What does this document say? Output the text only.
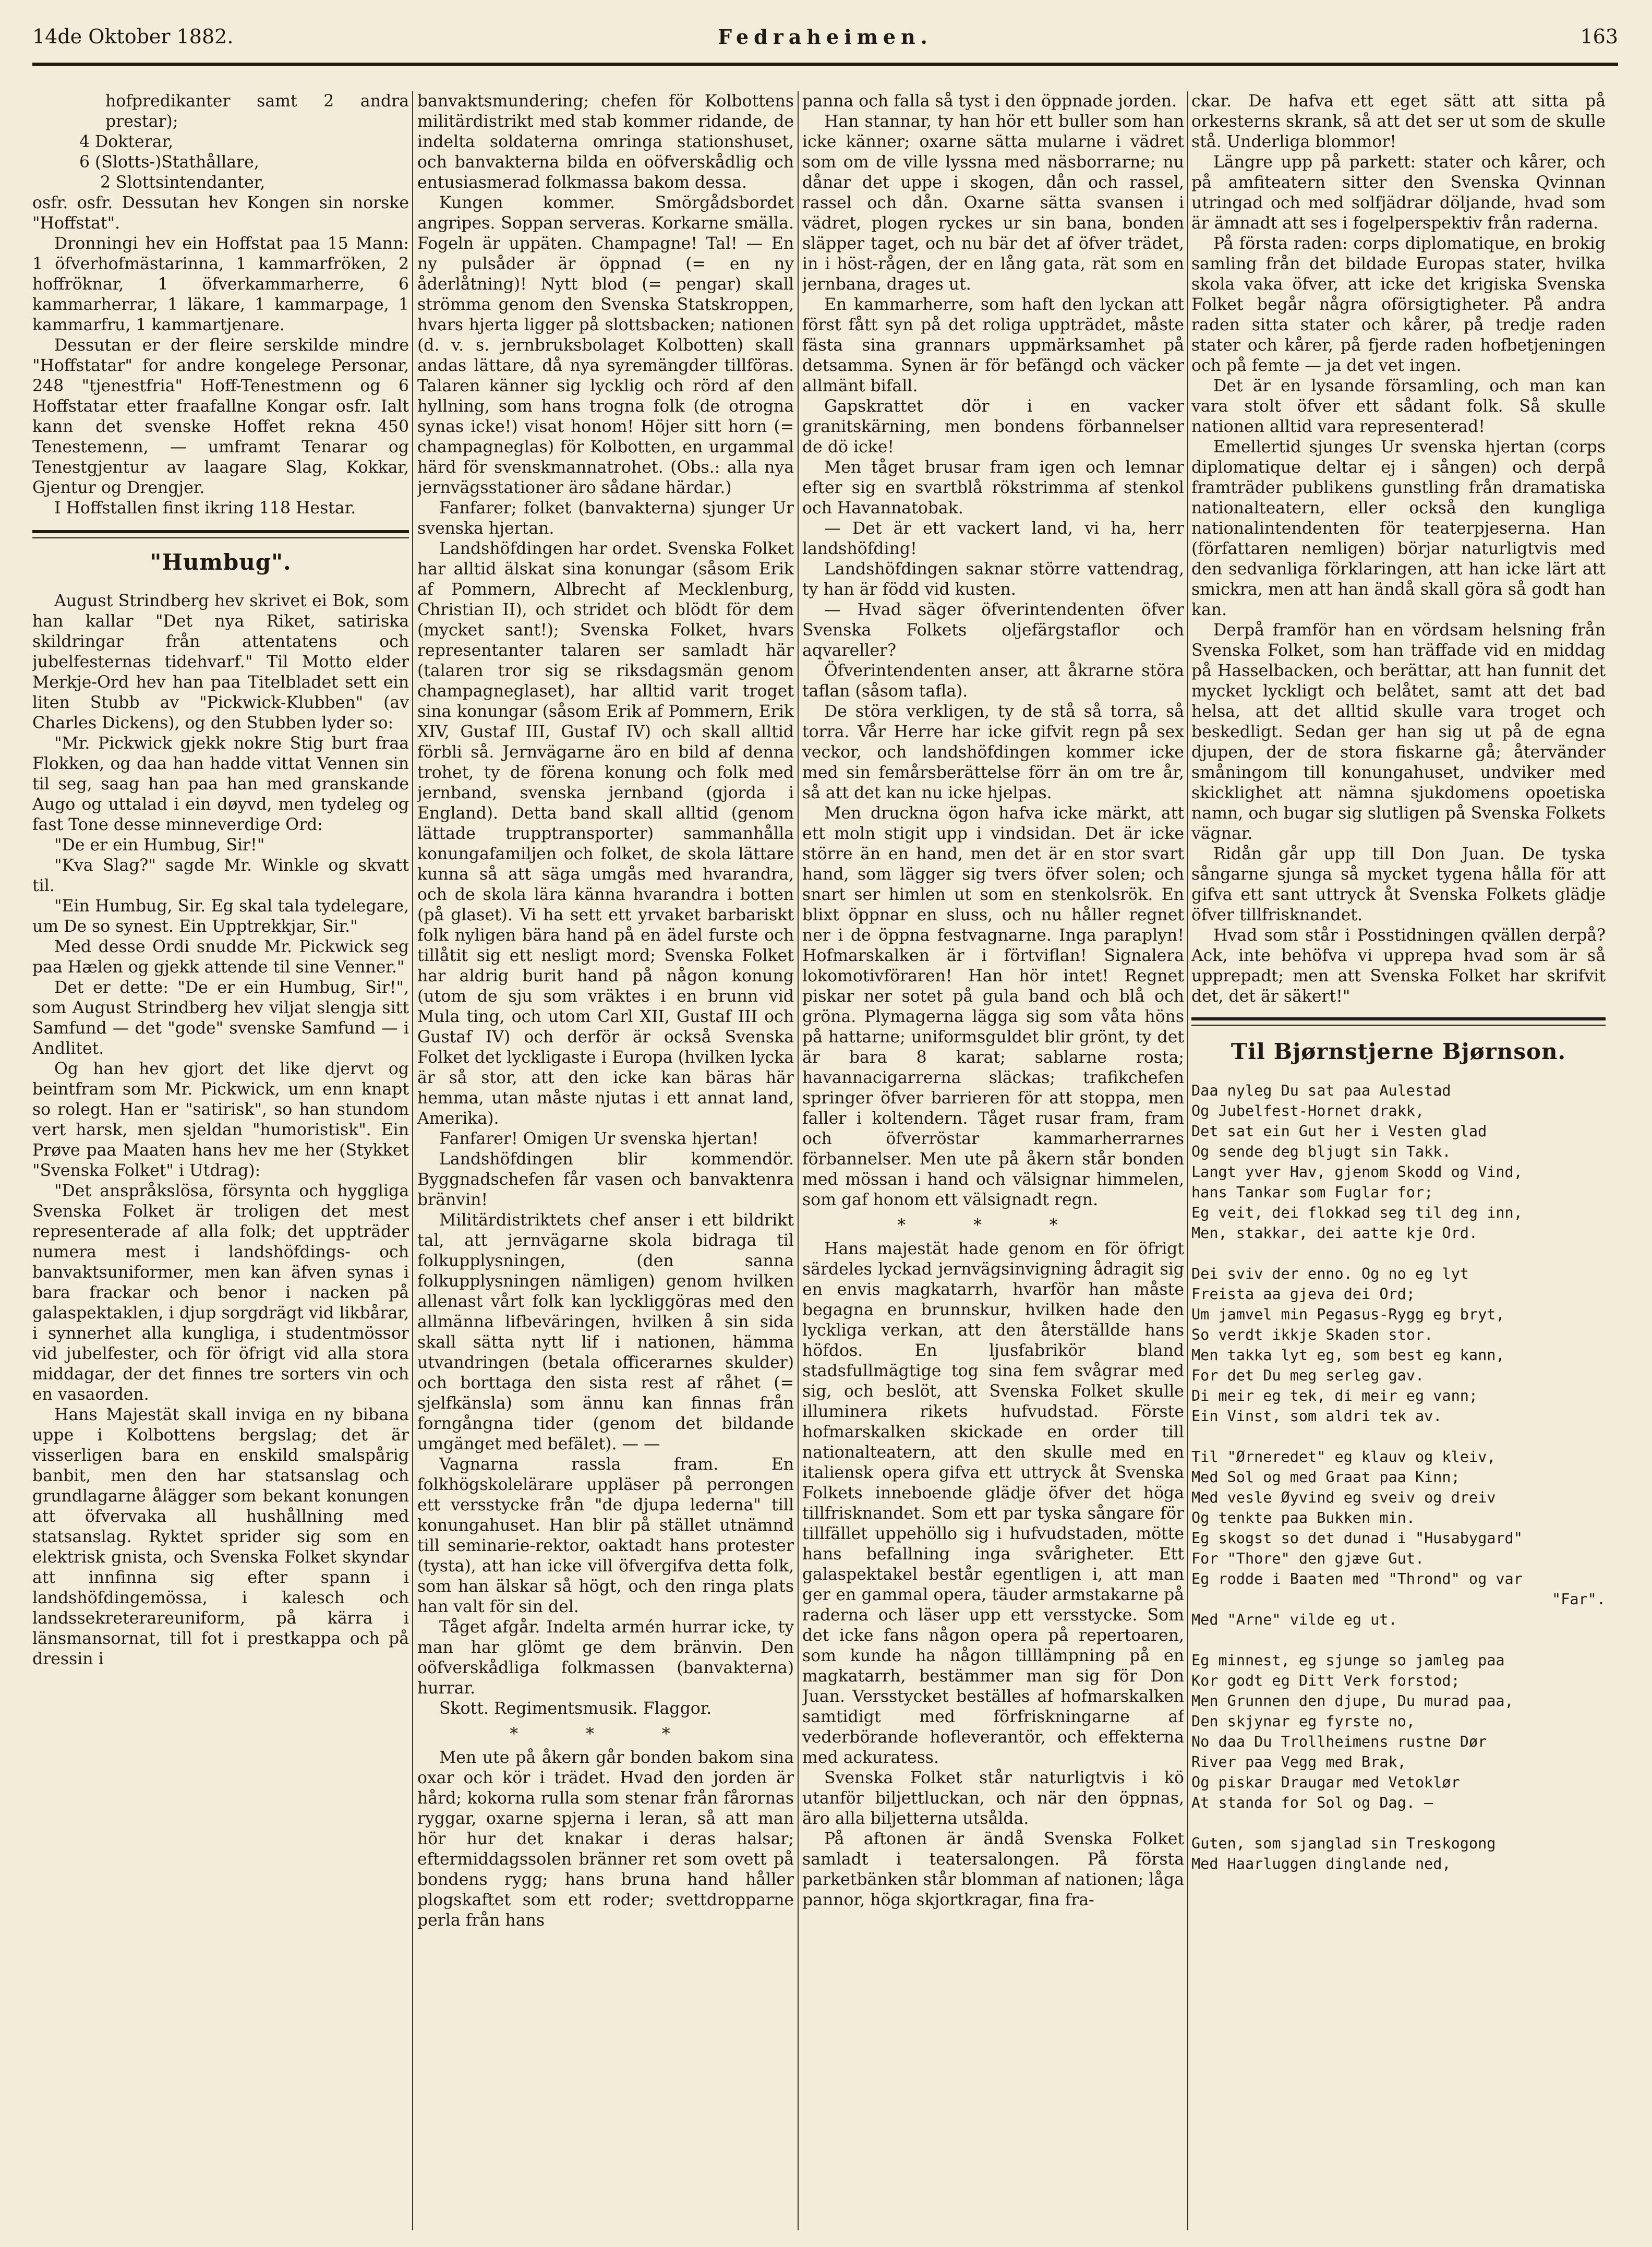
14de Oktober 1882.	Fedraheimen.	163

hofpredikanter samt 2 andra prestar);

4 Dokterar,

6 (Slotts-)Stathållare,

2 Slottsintendanter,

osfr. osfr. Dessutan hev Kongen sin norske "Hoffstat".

Dronningi hev ein Hoffstat paa 15 Mann: 1 öfverhofmästarinna, 1 kammarfröken, 2 hoffröknar, 1 öfverkammarherre, 6 kammarherrar, 1 läkare, 1 kammarpage, 1 kammarfru, 1 kammartjenare.

Dessutan er der fleire serskilde mindre "Hoffstatar" for andre kongelege Personar, 248 "tjenestfria" Hoff-Tenestmenn og 6 Hoffstatar etter fraafallne Kongar osfr. Ialt kann det svenske Hoffet rekna 450 Tenestemenn, — umframt Tenarar og Tenestgjentur av laagare Slag, Kokkar, Gjentur og Drengjer.

I Hoffstallen finst ikring 118 Hestar.

"Humbug".

August Strindberg hev skrivet ei Bok, som han kallar "Det nya Riket, satiriska skildringar från attentatens och jubelfesternas tidehvarf." Til Motto elder Merkje-Ord hev han paa Titelbladet sett ein liten Stubb av "Pickwick-Klubben" (av Charles Dickens), og den Stubben lyder so:

"Mr. Pickwick gjekk nokre Stig burt fraa Flokken, og daa han hadde vittat Vennen sin til seg, saag han paa han med granskande Augo og uttalad i ein døyvd, men tydeleg og fast Tone desse minneverdige Ord:

"De er ein Humbug, Sir!"

"Kva Slag?" sagde Mr. Winkle og skvatt til.

"Ein Humbug, Sir. Eg skal tala tydelegare, um De so synest. Ein Upptrekkjar, Sir."

Med desse Ordi snudde Mr. Pickwick seg paa Hælen og gjekk attende til sine Venner."

Det er dette: "De er ein Humbug, Sir!", som August Strindberg hev viljat slengja sitt Samfund — det "gode" svenske Samfund — i Andlitet.

Og han hev gjort det like djervt og beintfram som Mr. Pickwick, um enn knapt so rolegt. Han er "satirisk", so han stundom vert harsk, men sjeldan "humoristisk". Ein Prøve paa Maaten hans hev me her (Stykket "Svenska Folket" i Utdrag):

"Det anspråkslösa, försynta och hyggliga Svenska Folket är troligen det mest representerade af alla folk; det uppträder numera mest i landshöfdings- och banvaktsuniformer, men kan äfven synas i bara frackar och benor i nacken på galaspektaklen, i djup sorgdrägt vid likbårar, i synnerhet alla kungliga, i studentmössor vid jubelfester, och för öfrigt vid alla stora middagar, der det finnes tre sorters vin och en vasaorden.

Hans Majestät skall inviga en ny bibana uppe i Kolbottens bergslag; det är visserligen bara en enskild smalspårig banbit, men den har statsanslag och grundlagarne ålägger som bekant konungen att öfvervaka all hushållning med statsanslag. Ryktet sprider sig som en elektrisk gnista, och Svenska Folket skyndar att innfinna sig efter spann i landshöfdingemössa, i kalesch och landssekreterareuniform, på kärra i länsmansornat, till fot i prestkappa och på dressin i

banvaktsmundering; chefen för Kolbottens militärdistrikt med stab kommer ridande, de indelta soldaterna omringa stationshuset, och banvakterna bilda en oöfverskådlig och entusiasmerad folkmassa bakom dessa.

Kungen kommer. Smörgådsbordet angripes. Soppan serveras. Korkarne smälla. Fogeln är uppäten. Champagne! Tal! — En ny pulsåder är öppnad (= en ny åderlåtning)! Nytt blod (= pengar) skall strömma genom den Svenska Statskroppen, hvars hjerta ligger på slottsbacken; nationen (d. v. s. jernbruksbolaget Kolbotten) skall andas lättare, då nya syremängder tillföras. Talaren känner sig lycklig och rörd af den hyllning, som hans trogna folk (de otrogna synas icke!) visat honom! Höjer sitt horn (= champagneglas) för Kolbotten, en urgammal härd för svenskmannatrohet. (Obs.: alla nya jernvägsstationer äro sådane härdar.)

Fanfarer; folket (banvakterna) sjunger Ur svenska hjertan.

Landshöfdingen har ordet. Svenska Folket har alltid älskat sina konungar (såsom Erik af Pommern, Albrecht af Mecklenburg, Christian II), och stridet och blödt för dem (mycket sant!); Svenska Folket, hvars representanter talaren ser samladt här (talaren tror sig se riksdagsmän genom champagneglaset), har alltid varit troget sina konungar (såsom Erik af Pommern, Erik XIV, Gustaf III, Gustaf IV) och skall alltid förbli så. Jernvägarne äro en bild af denna trohet, ty de förena konung och folk med jernband, svenska jernband (gjorda i England). Detta band skall alltid (genom lättade trupptransporter) sammanhålla konungafamiljen och folket, de skola lättare kunna så att säga umgås med hvarandra, och de skola lära känna hvarandra i botten (på glaset). Vi ha sett ett yrvaket barbariskt folk nyligen bära hand på en ädel furste och tillåtit sig ett nesligt mord; Svenska Folket har aldrig burit hand på någon konung (utom de sju som vräktes i en brunn vid Mula ting, och utom Carl XII, Gustaf III och Gustaf IV) och derför är också Svenska Folket det lyckligaste i Europa (hvilken lycka är så stor, att den icke kan bäras här hemma, utan måste njutas i ett annat land, Amerika).

Fanfarer! Omigen Ur svenska hjertan!

Landshöfdingen blir kommendör. Byggnadschefen får vasen och banvaktenra bränvin!

Militärdistriktets chef anser i ett bildrikt tal, att jernvägarne skola bidraga til folkupplysningen, (den sanna folkupplysningen nämligen) genom hvilken allenast vårt folk kan lyckliggöras med den allmänna lifbeväringen, hvilken å sin sida skall sätta nytt lif i nationen, hämma utvandringen (betala officerarnes skulder) och borttaga den sista rest af råhet (= sjelfkänsla) som ännu kan finnas från forngångna tider (genom det bildande umgänget med befälet). — —

Vagnarna rassla fram. En folkhögskolelärare uppläser på perrongen ett versstycke från "de djupa lederna" till konungahuset. Han blir på stället utnämnd till seminarie-rektor, oaktadt hans protester (tysta), att han icke vill öfvergifva detta folk, som han älskar så högt, och den ringa plats han valt för sin del.

Tåget afgår. Indelta armén hurrar icke, ty man har glömt ge dem bränvin. Den oöfverskådliga folkmassen (banvakterna) hurrar.

Skott. Regimentsmusik. Flaggor.

* * *

Men ute på åkern går bonden bakom sina oxar och kör i trädet. Hvad den jorden är hård; kokorna rulla som stenar från fårornas ryggar, oxarne spjerna i leran, så att man hör hur det knakar i deras halsar; eftermiddagssolen bränner ret som ovett på bondens rygg; hans bruna hand håller plogskaftet som ett roder; svettdropparne perla från hans

panna och falla så tyst i den öppnade jorden.

Han stannar, ty han hör ett buller som han icke känner; oxarne sätta mularne i vädret som om de ville lyssna med näsborrarne; nu dånar det uppe i skogen, dån och rassel, rassel och dån. Oxarne sätta svansen i vädret, plogen ryckes ur sin bana, bonden släpper taget, och nu bär det af öfver trädet, in i höst-rågen, der en lång gata, rät som en jernbana, drages ut.

En kammarherre, som haft den lyckan att först fått syn på det roliga uppträdet, måste fästa sina grannars uppmärksamhet på detsamma. Synen är för befängd och väcker allmänt bifall.

Gapskrattet dör i en vacker granitskärning, men bondens förbannelser de dö icke!

Men tåget brusar fram igen och lemnar efter sig en svartblå rökstrimma af stenkol och Havannatobak.

— Det är ett vackert land, vi ha, herr landshöfding!

Landshöfdingen saknar större vattendrag, ty han är född vid kusten.

— Hvad säger öfverintendenten öfver Svenska Folkets oljefärgstaflor och aqvareller?

Öfverintendenten anser, att åkrarne störa taflan (såsom tafla).

De störa verkligen, ty de stå så torra, så torra. Vår Herre har icke gifvit regn på sex veckor, och landshöfdingen kommer icke med sin femårsberättelse förr än om tre år, så att det kan nu icke hjelpas.

Men drucknа ögon hafva icke märkt, att ett moln stigit upp i vindsidan. Det är icke större än en hand, men det är en stor svart hand, som lägger sig tvers öfver solen; och snart ser himlen ut som en stenkolsrök. En blixt öppnar en sluss, och nu håller regnet ner i de öppna festvagnarne. Inga paraplyn! Hofmarskalken är i förtviflan! Signalera lokomotivföraren! Han hör intet! Regnet piskar ner sotet på gula band och blå och gröna. Plymagerna lägga sig som våta höns på hattarne; uniformsguldet blir grönt, ty det är bara 8 karat; sablarne rosta; havannacigarrerna släckas; trafikchefen springer öfver barrieren för att stoppa, men faller i koltendern. Tåget rusar fram, fram och öfverröstar kammarherrarnes förbannelser. Men ute på åkern står bonden med mössan i hand och välsignar himmelen, som gaf honom ett välsignadt regn.

* * *

Hans majestät hade genom en för öfrigt särdeles lyckad jernvägsinvigning ådragit sig en envis magkatarrh, hvarför han måste begagna en brunnskur, hvilken hade den lyckliga verkan, att den återställde hans höfdos. En ljusfabrikör bland stadsfullmägtige tog sina fem svågrar med sig, och beslöt, att Svenska Folket skulle illuminera rikets hufvudstad. Förste hofmarskalken skickade en order till nationalteatern, att den skulle med en italiensk opera gifva ett uttryck åt Svenska Folkets inneboende glädje öfver det höga tillfrisknandet. Som ett par tyska sångare för tillfället uppehöllo sig i hufvudstaden, mötte hans befallning inga svårigheter. Ett galaspektakel består egentligen i, att man ger en gammal opera, täuder armstakarne på raderna och läser upp ett versstycke. Som det icke fans någon opera på repertoaren, som kunde ha någon tilllämpning på en magkatarrh, bestämmer man sig för Don Juan. Versstycket beställes af hofmarskalken samtidigt med förfriskningarne af vederbörande hofleverantör, och effekterna med ackuratess.

Svenska Folket står naturligtvis i kö utanför biljettluckan, och när den öppnas, äro alla biljetterna utsålda.

På aftonen är ändå Svenska Folket samladt i teatersalongen. På första parketbänken står blomman af nationen; låga pannor, höga skjortkragar, fina fra-

ckar. De hafva ett eget sätt att sitta på orkesterns skrank, så att det ser ut som de skulle stå. Underliga blommor!

Längre upp på parkett: stater och kårer, och på amfiteatern sitter den Svenska Qvinnan utringad och med solfjädrar döljande, hvad som är ämnadt att ses i fogelperspektiv från raderna.

På första raden: corps diplomatique, en brokig samling från det bildade Europas stater, hvilka skola vaka öfver, att icke det krigiska Svenska Folket begår några oförsigtigheter. På andra raden sitta stater och kårer, på tredje raden stater och kårer, på fjerde raden hofbetjeningen och på femte — ja det vet ingen.

Det är en lysande församling, och man kan vara stolt öfver ett sådant folk. Så skulle nationen alltid vara representerad!

Emellertid sjunges Ur svenska hjertan (corps diplomatique deltar ej i sången) och derpå framträder publikens gunstling från dramatiska nationalteatern, eller också den kungliga nationalintendenten för teaterpjeserna. Han (författaren nemligen) börjar naturligtvis med den sedvanliga förklaringen, att han icke lärt att smickra, men att han ändå skall göra så godt han kan.

Derpå framför han en vördsam helsning från Svenska Folket, som han träffade vid en middag på Hasselbacken, och berättar, att han funnit det mycket lyckligt och belåtet, samt att det bad helsa, att det alltid skulle vara troget och beskedligt. Sedan ger han sig ut på de egna djupen, der de stora fiskarne gå; återvänder småningom till konungahuset, undviker med skicklighet att nämna sjukdomens opoetiska namn, och bugar sig slutligen på Svenska Folkets vägnar.

Ridån går upp till Don Juan. De tyska sångarne sjunga så mycket tygena hålla för att gifva ett sant uttryck åt Svenska Folkets glädje öfver tillfrisknandet.

Hvad som står i Posstidningen qvällen derpå? Ack, inte behöfva vi upprepa hvad som är så upprepadt; men att Svenska Folket har skrifvit det, det är säkert!"

Til Bjørnstjerne Bjørnson.

Daa nyleg Du sat paa Aulestad

Og Jubelfest-Hornet drakk,

Det sat ein Gut her i Vesten glad

Og sende deg bljugt sin Takk.

Langt yver Hav, gjenom Skodd og Vind,

hans Tankar som Fuglar for;

Eg veit, dei flokkad seg til deg inn,

Men, stakkar, dei aatte kje Ord.

Dei sviv der enno. Og no eg lyt

Freista aa gjeva dei Ord;

Um jamvel min Pegasus-Rygg eg bryt,

So verdt ikkje Skaden stor.

Men takka lyt eg, som best eg kann,

For det Du meg serleg gav.

Di meir eg tek, di meir eg vann;

Ein Vinst, som aldri tek av.

Til "Ørneredet" eg klauv og kleiv,

Med Sol og med Graat paa Kinn;

Med vesle Øyvind eg sveiv og dreiv

Og tenkte paa Bukken min.

Eg skogst so det dunad i "Husabygard"

For "Thore" den gjæve Gut.

Eg rodde i Baaten med "Thrond" og var

"Far".

Med "Arne" vilde eg ut.

Eg minnest, eg sjunge so jamleg paa

Kor godt eg Ditt Verk forstod;

Men Grunnen den djupe, Du murad paa,

Den skjynar eg fyrste no,

No daa Du Trollheimens rustne Dør

River paa Vegg med Brak,

Og piskar Draugar med Vetoklør

At standa for Sol og Dag. —

Guten, som sjanglad sin Treskogong

Med Haarluggen dinglande ned,
